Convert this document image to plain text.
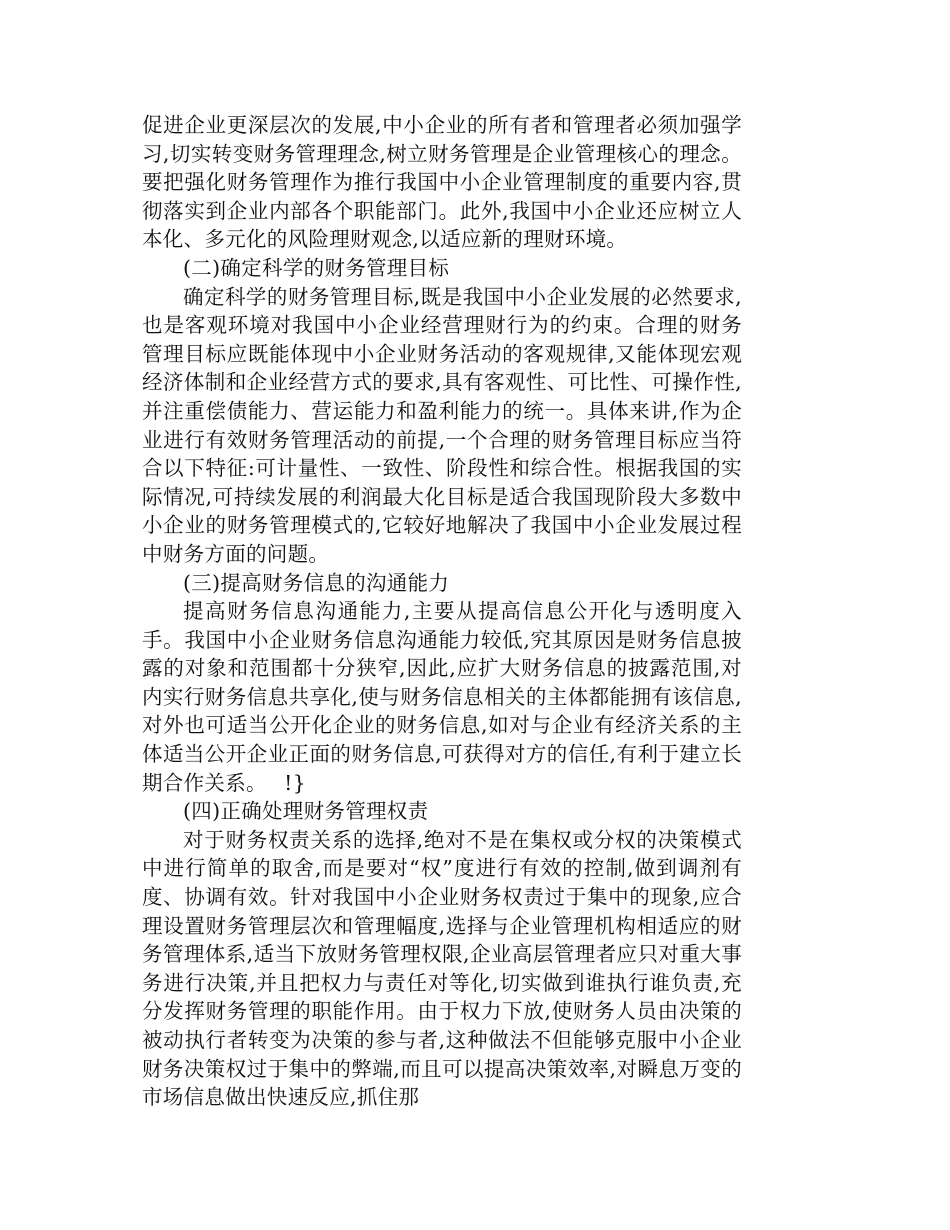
促进企业更深层次的发展,中小企业的所有者和管理者必须加强学习,切实转变财务管理理念,树立财务管理是企业管理核心的理念。要把强化财务管理作为推行我国中小企业管理制度的重要内容,贯彻落实到企业内部各个职能部门。此外,我国中小企业还应树立人本化、多元化的风险理财观念,以适应新的理财环境。

(二)确定科学的财务管理目标

确定科学的财务管理目标,既是我国中小企业发展的必然要求,也是客观环境对我国中小企业经营理财行为的约束。合理的财务管理目标应既能体现中小企业财务活动的客观规律,又能体现宏观经济体制和企业经营方式的要求,具有客观性、可比性、可操作性,并注重偿债能力、营运能力和盈利能力的统一。具体来讲,作为企业进行有效财务管理活动的前提,一个合理的财务管理目标应当符合以下特征:可计量性、一致性、阶段性和综合性。根据我国的实际情况,可持续发展的利润最大化目标是适合我国现阶段大多数中小企业的财务管理模式的,它较好地解决了我国中小企业发展过程中财务方面的问题。

(三)提高财务信息的沟通能力

提高财务信息沟通能力,主要从提高信息公开化与透明度入手。我国中小企业财务信息沟通能力较低,究其原因是财务信息披露的对象和范围都十分狭窄,因此,应扩大财务信息的披露范围,对内实行财务信息共享化,使与财务信息相关的主体都能拥有该信息,对外也可适当公开化企业的财务信息,如对与企业有经济关系的主体适当公开企业正面的财务信息,可获得对方的信任,有利于建立长期合作关系。　 !}

(四)正确处理财务管理权责

对于财务权责关系的选择,绝对不是在集权或分权的决策模式中进行简单的取舍,而是要对“权”度进行有效的控制,做到调剂有度、协调有效。针对我国中小企业财务权责过于集中的现象,应合理设置财务管理层次和管理幅度,选择与企业管理机构相适应的财务管理体系,适当下放财务管理权限,企业高层管理者应只对重大事务进行决策,并且把权力与责任对等化,切实做到谁执行谁负责,充分发挥财务管理的职能作用。由于权力下放,使财务人员由决策的被动执行者转变为决策的参与者,这种做法不但能够克服中小企业财务决策权过于集中的弊端,而且可以提高决策效率,对瞬息万变的市场信息做出快速反应,抓住那
